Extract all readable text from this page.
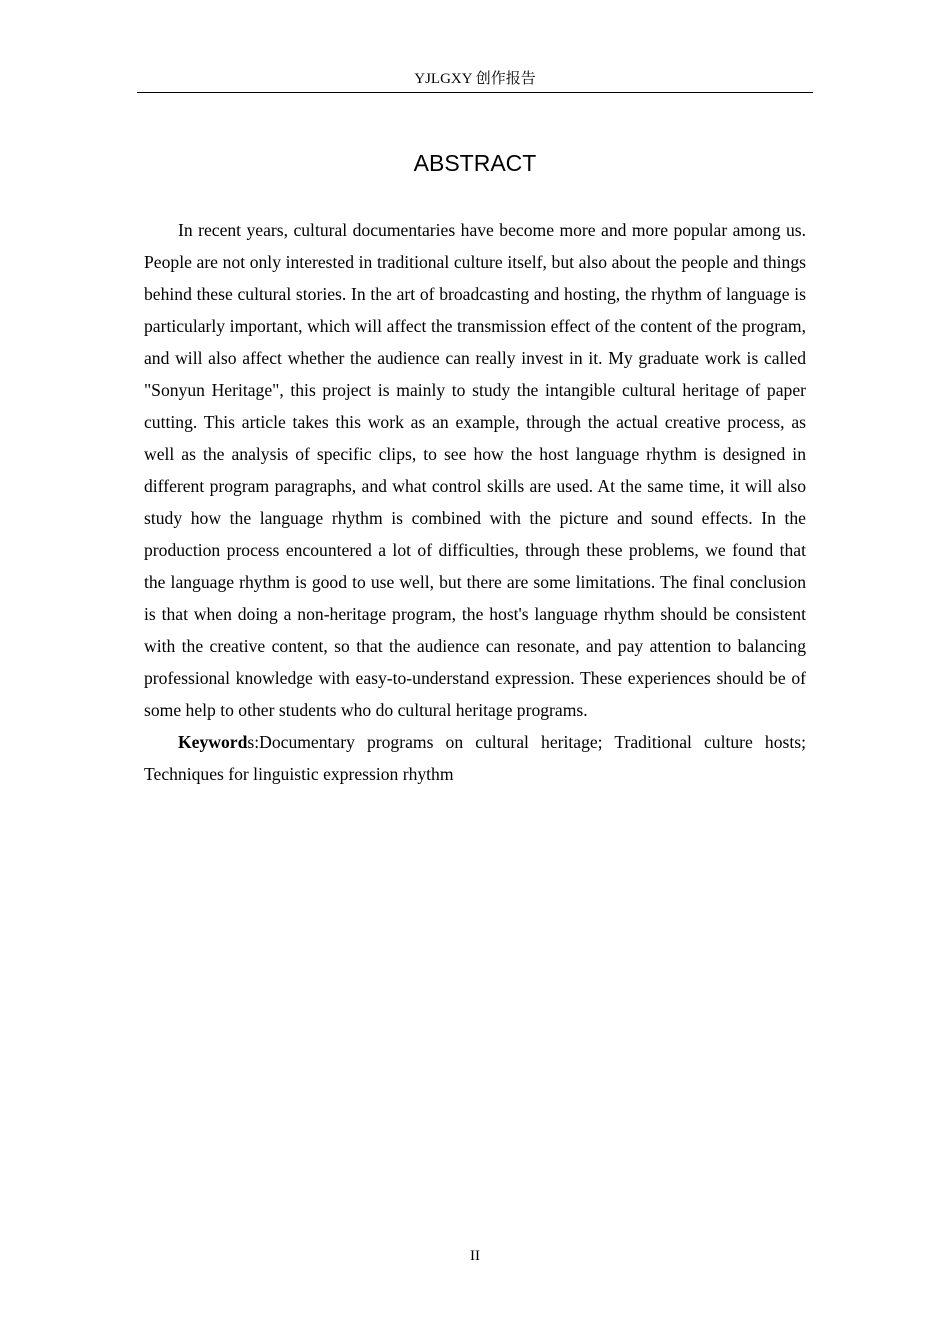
YJLGXY 创作报告
ABSTRACT

In recent years, cultural documentaries have become more and more popular among us. People are not only interested in traditional culture itself, but also about the people and things behind these cultural stories. In the art of broadcasting and hosting, the rhythm of language is particularly important, which will affect the transmission effect of the content of the program, and will also affect whether the audience can really invest in it. My graduate work is called "Sonyun Heritage", this project is mainly to study the intangible cultural heritage of paper cutting. This article takes this work as an example, through the actual creative process, as well as the analysis of specific clips, to see how the host language rhythm is designed in different program paragraphs, and what control skills are used. At the same time, it will also study how the language rhythm is combined with the picture and sound effects. In the production process encountered a lot of difficulties, through these problems, we found that the language rhythm is good to use well, but there are some limitations. The final conclusion is that when doing a non-heritage program, the host's language rhythm should be consistent with the creative content, so that the audience can resonate, and pay attention to balancing professional knowledge with easy-to-understand expression. These experiences should be of some help to other students who do cultural heritage programs.

Keywords:Documentary programs on cultural heritage; Traditional culture hosts; Techniques for linguistic expression rhythm

II
